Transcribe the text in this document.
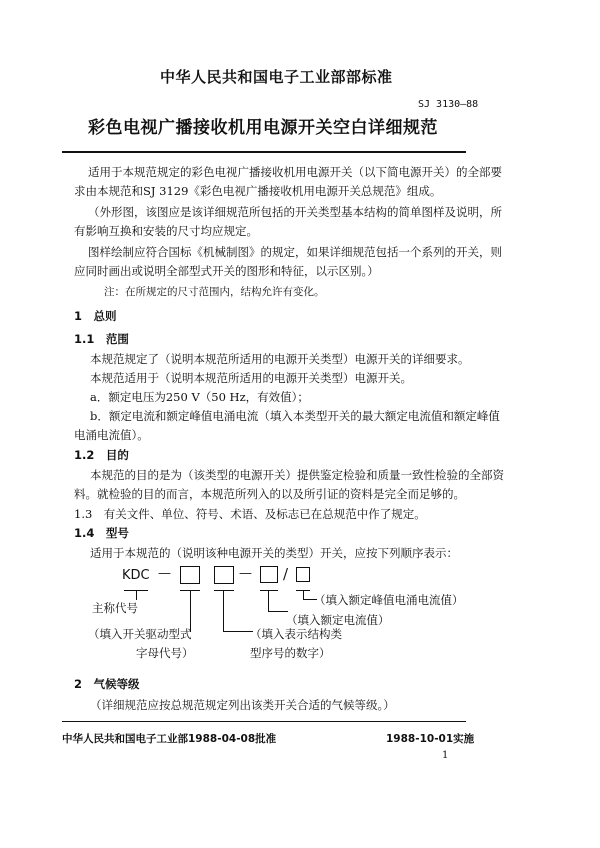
中华人民共和国电子工业部部标准
SJ 3130—88
彩色电视广播接收机用电源开关空白详细规范
适用于本规范规定的彩色电视广播接收机用电源开关（以下简电源开关）的全部要
求由本规范和SJ 3129《彩色电视广播接收机用电源开关总规范》组成。
（外形图，该图应是该详细规范所包括的开关类型基本结构的简单图样及说明，所
有影响互换和安装的尺寸均应规定。
图样绘制应符合国标《机械制图》的规定，如果详细规范包括一个系列的开关，则
应同时画出或说明全部型式开关的图形和特征，以示区别。）
注：在所规定的尺寸范围内，结构允许有变化。
1　总则
1.1　范围
本规范规定了（说明本规范所适用的电源开关类型）电源开关的详细要求。
本规范适用于（说明本规范所适用的电源开关类型）电源开关。
a．额定电压为250 V（50 Hz，有效值）；
b．额定电流和额定峰值电涌电流（填入本类型开关的最大额定电流值和额定峰值
电涌电流值）。
1.2　目的
本规范的目的是为（该类型的电源开关）提供鉴定检验和质量一致性检验的全部资
料。就检验的目的而言，本规范所列入的以及所引证的资料是完全而足够的。
1.3　有关文件、单位、符号、术语、及标志已在总规范中作了规定。
1.4　型号
适用于本规范的（说明该种电源开关的类型）开关，应按下列顺序表示：
KDC —	— /
主称代号
（填入额定峰值电涌电流值）
（填入额定电流值）
（填入开关驱动型式
字母代号）
（填入表示结构类
型序号的数字）
2　气候等级
（详细规范应按总规范规定列出该类开关合适的气候等级。）
中华人民共和国电子工业部1988-04-08批准	1988-10-01实施
1
